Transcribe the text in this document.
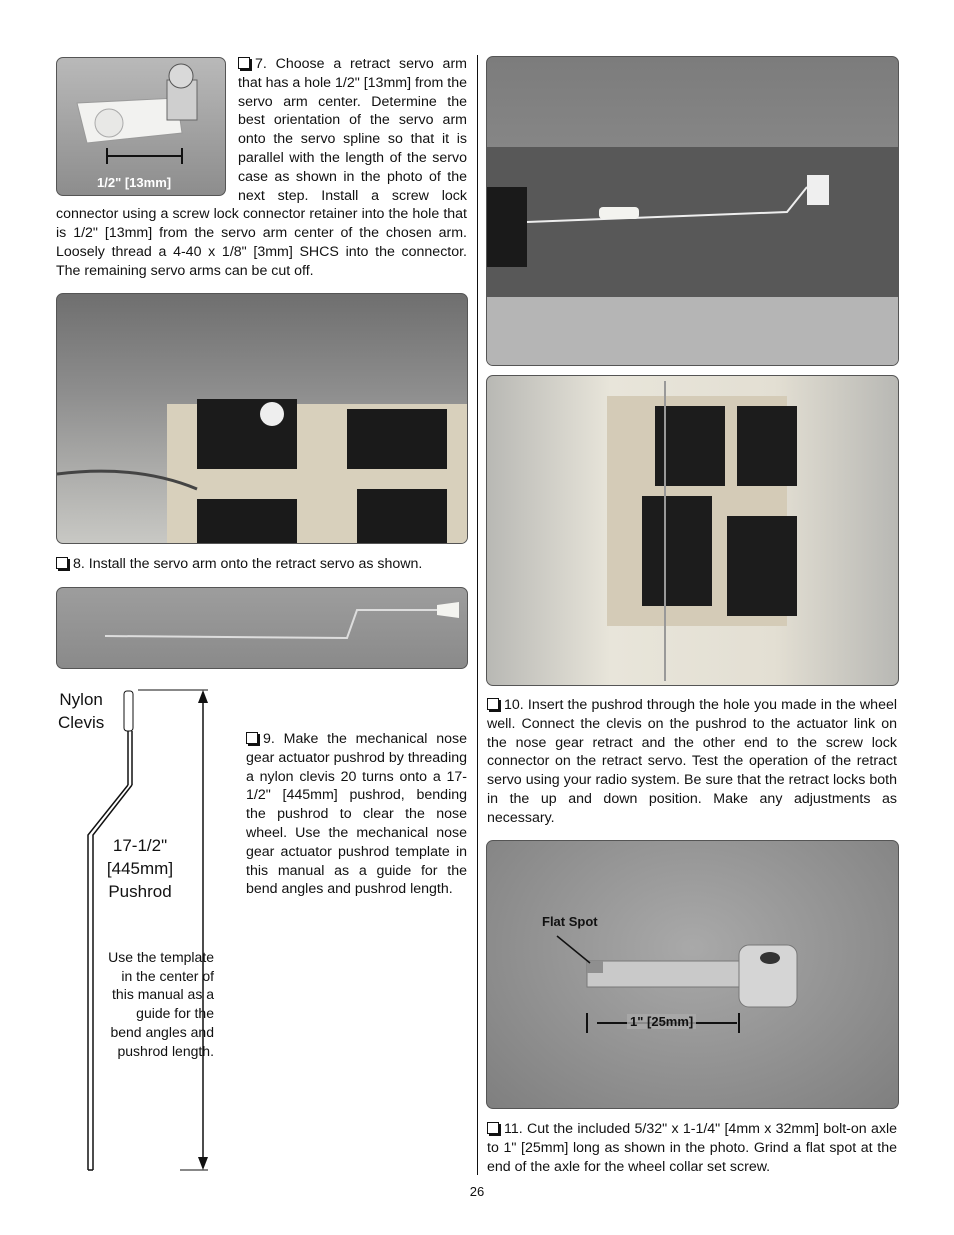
1/2" [13mm]
7. Choose a retract servo arm that has a hole 1/2" [13mm] from the servo arm center. Determine the best orientation of the servo arm onto the servo spline so that it is parallel with the length of the servo case as shown in the photo of the next step. Install a screw lock connector using a screw lock connector retainer into the hole that is 1/2" [13mm] from the servo arm center of the chosen arm. Loosely thread a 4-40 x 1/8" [3mm] SHCS into the connector. The remaining servo arms can be cut off.
8. Install the servo arm onto the retract servo as shown.
Nylon
Clevis
17-1/2"
[445mm]
Pushrod
Use the template in the center of this manual as a guide for the bend angles and pushrod length.
9. Make the mechanical nose gear actuator pushrod by threading a nylon clevis 20 turns onto a 17-1/2" [445mm] pushrod, bending the pushrod to clear the nose wheel. Use the mechanical nose gear actuator pushrod template in this manual as a guide for the bend angles and pushrod length.
10. Insert the pushrod through the hole you made in the wheel well. Connect the clevis on the pushrod to the actuator link on the nose gear retract and the other end to the screw lock connector on the retract servo. Test the operation of the retract servo using your radio system. Be sure that the retract locks both in the up and down position. Make any adjustments as necessary.
Flat Spot
1" [25mm]
11. Cut the included 5/32" x 1-1/4" [4mm x 32mm] bolt-on axle to 1" [25mm] long as shown in the photo. Grind a flat spot at the end of the axle for the wheel collar set screw.
26
